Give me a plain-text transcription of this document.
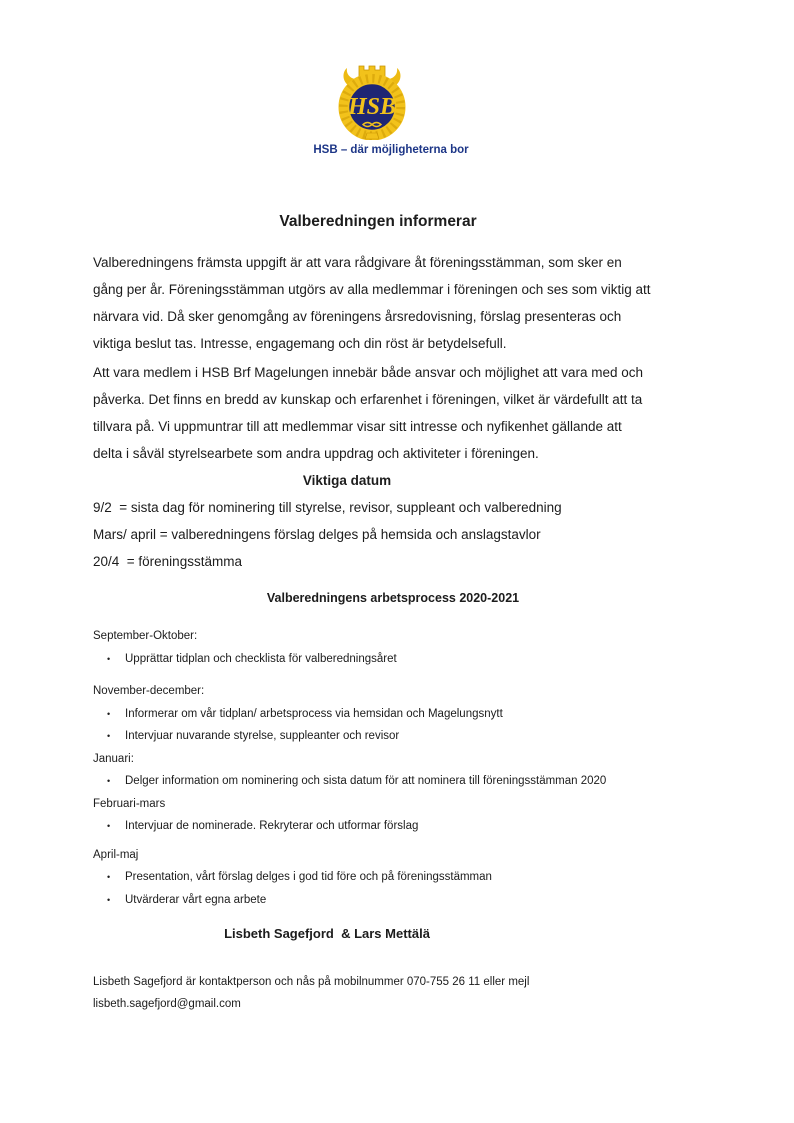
HSB
HSB – där möjligheterna bor
Valberedningen informerar
Valberedningens främsta uppgift är att vara rådgivare åt föreningsstämman, som sker en
gång per år. Föreningsstämman utgörs av alla medlemmar i föreningen och ses som viktig att
närvara vid. Då sker genomgång av föreningens årsredovisning, förslag presenteras och
viktiga beslut tas. Intresse, engagemang och din röst är betydelsefull.
Att vara medlem i HSB Brf Magelungen innebär både ansvar och möjlighet att vara med och
påverka. Det finns en bredd av kunskap och erfarenhet i föreningen, vilket är värdefullt att ta
tillvara på. Vi uppmuntrar till att medlemmar visar sitt intresse och nyfikenhet gällande att
delta i såväl styrelsearbete som andra uppdrag och aktiviteter i föreningen.
Viktiga datum
9/2  = sista dag för nominering till styrelse, revisor, suppleant och valberedning
Mars/ april = valberedningens förslag delges på hemsida och anslagstavlor
20/4  = föreningsstämma
Valberedningens arbetsprocess 2020-2021
September-Oktober:
•	Upprättar tidplan och checklista för valberedningsåret
November-december:
•	Informerar om vår tidplan/ arbetsprocess via hemsidan och Magelungsnytt
•	Intervjuar nuvarande styrelse, suppleanter och revisor
Januari:
•	Delger information om nominering och sista datum för att nominera till föreningsstämman 2020
Februari-mars
•	Intervjuar de nominerade. Rekryterar och utformar förslag
April-maj
•	Presentation, vårt förslag delges i god tid före och på föreningsstämman
•	Utvärderar vårt egna arbete
Lisbeth Sagefjord  & Lars Mettälä
Lisbeth Sagefjord är kontaktperson och nås på mobilnummer 070-755 26 11 eller mejl
lisbeth.sagefjord@gmail.com
